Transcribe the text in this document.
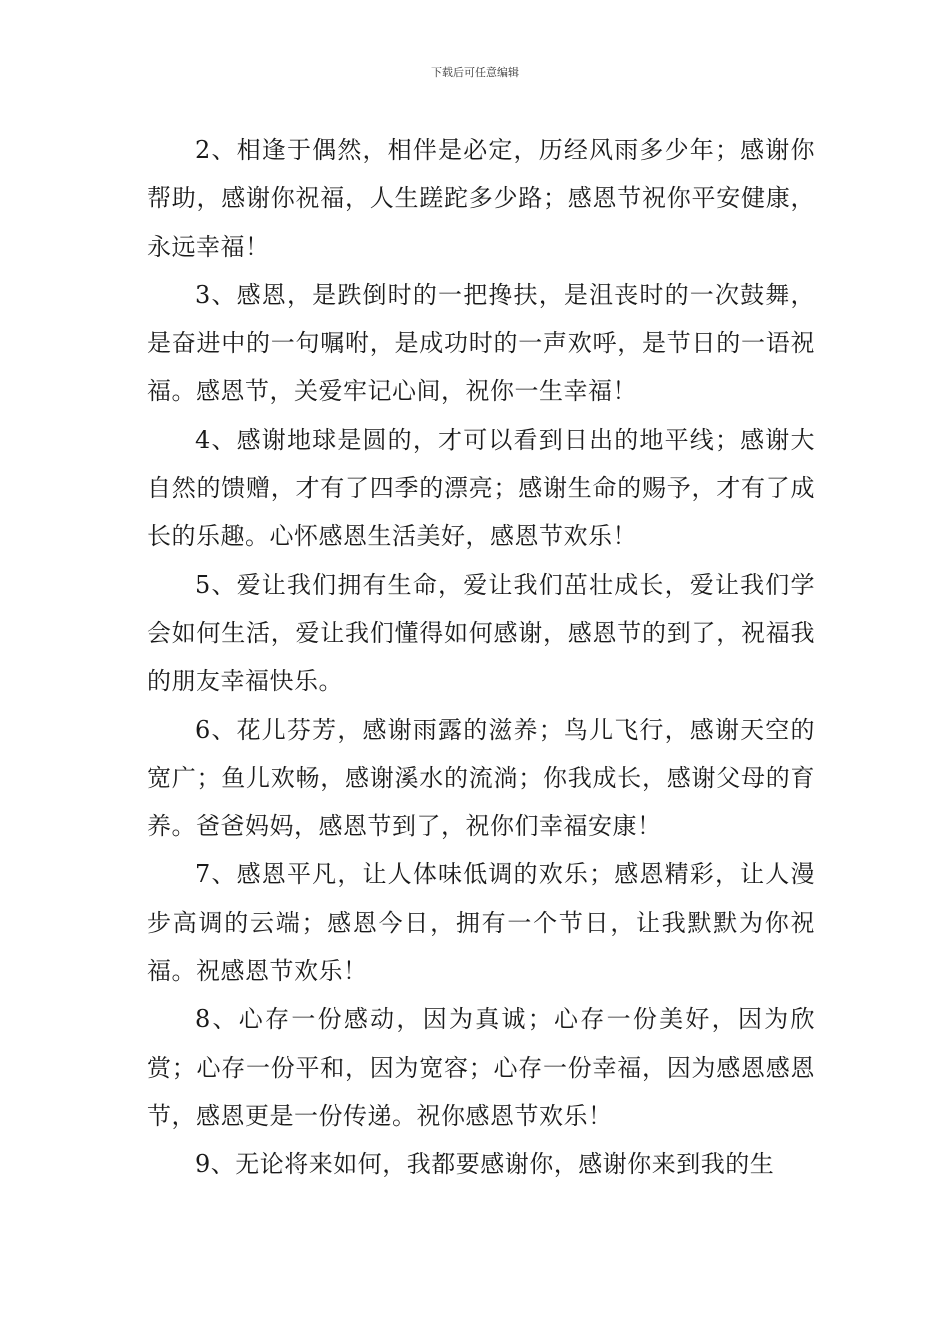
下载后可任意编辑

2、相逢于偶然，相伴是必定，历经风雨多少年；感谢你帮助，感谢你祝福，人生蹉跎多少路；感恩节祝你平安健康，永远幸福！

3、感恩，是跌倒时的一把搀扶，是沮丧时的一次鼓舞，是奋进中的一句嘱咐，是成功时的一声欢呼，是节日的一语祝福。感恩节，关爱牢记心间，祝你一生幸福！

4、感谢地球是圆的，才可以看到日出的地平线；感谢大自然的馈赠，才有了四季的漂亮；感谢生命的赐予，才有了成长的乐趣。心怀感恩生活美好，感恩节欢乐！

5、爱让我们拥有生命，爱让我们茁壮成长，爱让我们学会如何生活，爱让我们懂得如何感谢，感恩节的到了，祝福我的朋友幸福快乐。

6、花儿芬芳，感谢雨露的滋养；鸟儿飞行，感谢天空的宽广；鱼儿欢畅，感谢溪水的流淌；你我成长，感谢父母的育养。爸爸妈妈，感恩节到了，祝你们幸福安康！

7、感恩平凡，让人体味低调的欢乐；感恩精彩，让人漫步高调的云端；感恩今日，拥有一个节日，让我默默为你祝福。祝感恩节欢乐！

8、心存一份感动，因为真诚；心存一份美好，因为欣赏；心存一份平和，因为宽容；心存一份幸福，因为感恩感恩节，感恩更是一份传递。祝你感恩节欢乐！

9、无论将来如何，我都要感谢你，感谢你来到我的生
